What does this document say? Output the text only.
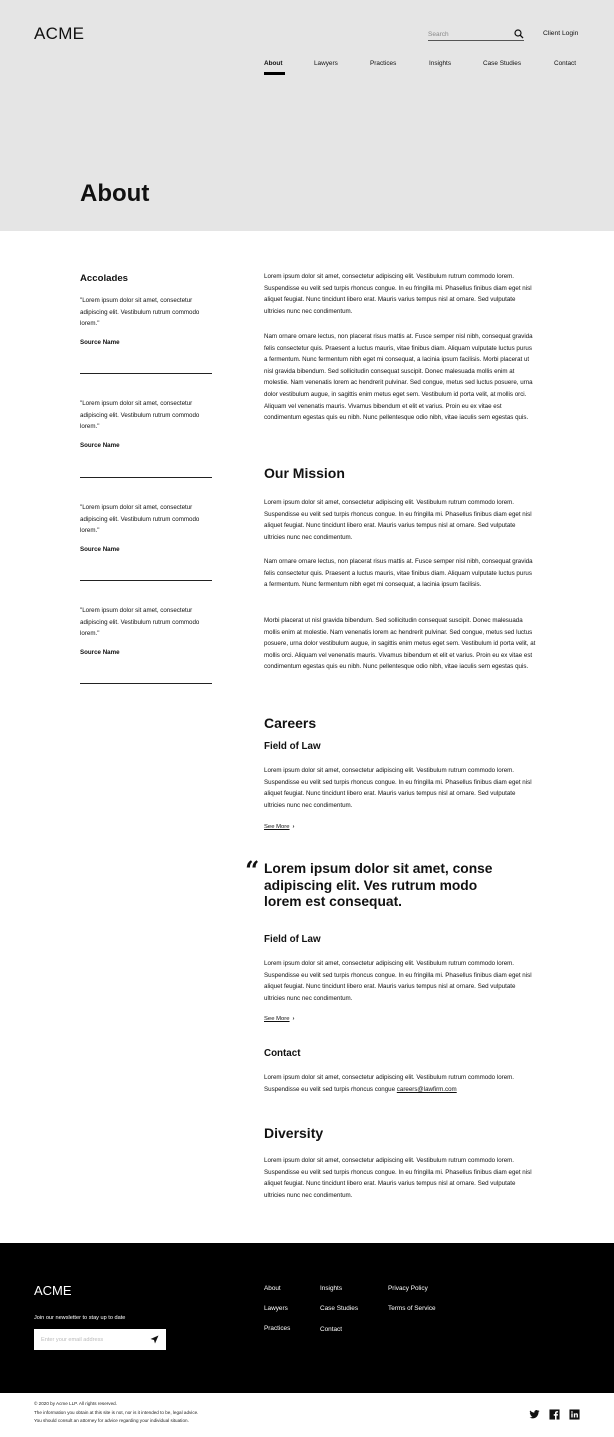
ACME
Search	Client Login
About	Lawyers	Practices	Insights	Case Studies	Contact
About
Accolades
"Lorem ipsum dolor sit amet, consectetur adipiscing elit. Vestibulum rutrum commodo lorem."
Source Name
"Lorem ipsum dolor sit amet, consectetur adipiscing elit. Vestibulum rutrum commodo lorem."
Source Name
"Lorem ipsum dolor sit amet, consectetur adipiscing elit. Vestibulum rutrum commodo lorem."
Source Name
"Lorem ipsum dolor sit amet, consectetur adipiscing elit. Vestibulum rutrum commodo lorem."
Source Name
Lorem ipsum dolor sit amet, consectetur adipiscing elit. Vestibulum rutrum commodo lorem. Suspendisse eu velit sed turpis rhoncus congue. In eu fringilla mi. Phasellus finibus diam eget nisl aliquet feugiat. Nunc tincidunt libero erat. Mauris varius tempus nisl at ornare. Sed vulputate ultricies nunc nec condimentum.
Nam ornare ornare lectus, non placerat risus mattis at. Fusce semper nisl nibh, consequat gravida felis consectetur quis. Praesent a luctus mauris, vitae finibus diam. Aliquam vulputate luctus purus a fermentum. Nunc fermentum nibh eget mi consequat, a lacinia ipsum facilisis. Morbi placerat ut nisl gravida bibendum. Sed sollicitudin consequat suscipit. Donec malesuada mollis enim at molestie. Nam venenatis lorem ac hendrerit pulvinar. Sed congue, metus sed luctus posuere, urna dolor vestibulum augue, in sagittis enim metus eget sem. Vestibulum id porta velit, at mollis orci. Aliquam vel venenatis mauris. Vivamus bibendum et elit et varius. Proin eu ex vitae est condimentum egestas quis eu nibh. Nunc pellentesque odio nibh, vitae iaculis sem egestas quis.
Our Mission
Lorem ipsum dolor sit amet, consectetur adipiscing elit. Vestibulum rutrum commodo lorem. Suspendisse eu velit sed turpis rhoncus congue. In eu fringilla mi. Phasellus finibus diam eget nisl aliquet feugiat. Nunc tincidunt libero erat. Mauris varius tempus nisl at ornare. Sed vulputate ultricies nunc nec condimentum.
Nam ornare ornare lectus, non placerat risus mattis at. Fusce semper nisl nibh, consequat gravida felis consectetur quis. Praesent a luctus mauris, vitae finibus diam. Aliquam vulputate luctus purus a fermentum. Nunc fermentum nibh eget mi consequat, a lacinia ipsum facilisis.
Morbi placerat ut nisl gravida bibendum. Sed sollicitudin consequat suscipit. Donec malesuada mollis enim at molestie. Nam venenatis lorem ac hendrerit pulvinar. Sed congue, metus sed luctus posuere, urna dolor vestibulum augue, in sagittis enim metus eget sem. Vestibulum id porta velit, at mollis orci. Aliquam vel venenatis mauris. Vivamus bibendum et elit et varius. Proin eu ex vitae est condimentum egestas quis eu nibh. Nunc pellentesque odio nibh, vitae iaculis sem egestas quis.
Careers
Field of Law
Lorem ipsum dolor sit amet, consectetur adipiscing elit. Vestibulum rutrum commodo lorem. Suspendisse eu velit sed turpis rhoncus congue. In eu fringilla mi. Phasellus finibus diam eget nisl aliquet feugiat. Nunc tincidunt libero erat. Mauris varius tempus nisl at ornare. Sed vulputate ultricies nunc nec condimentum.
See More ›
“ Lorem ipsum dolor sit amet, conse adipiscing elit. Ves rutrum modo lorem est consequat.
Field of Law
Lorem ipsum dolor sit amet, consectetur adipiscing elit. Vestibulum rutrum commodo lorem. Suspendisse eu velit sed turpis rhoncus congue. In eu fringilla mi. Phasellus finibus diam eget nisl aliquet feugiat. Nunc tincidunt libero erat. Mauris varius tempus nisl at ornare. Sed vulputate ultricies nunc nec condimentum.
See More ›
Contact
Lorem ipsum dolor sit amet, consectetur adipiscing elit. Vestibulum rutrum commodo lorem. Suspendisse eu velit sed turpis rhoncus congue careers@lawfirm.com
Diversity
Lorem ipsum dolor sit amet, consectetur adipiscing elit. Vestibulum rutrum commodo lorem. Suspendisse eu velit sed turpis rhoncus congue. In eu fringilla mi. Phasellus finibus diam eget nisl aliquet feugiat. Nunc tincidunt libero erat. Mauris varius tempus nisl at ornare. Sed vulputate ultricies nunc nec condimentum.
ACME
Join our newsletter to stay up to date
Enter your email address
About
Lawyers
Practices
Insights
Case Studies
Contact
Privacy Policy
Terms of Service
© 2020 by Acme LLP. All rights reserved.
The information you obtain at this site is not, nor is it intended to be, legal advice.
You should consult an attorney for advice regarding your individual situation.
